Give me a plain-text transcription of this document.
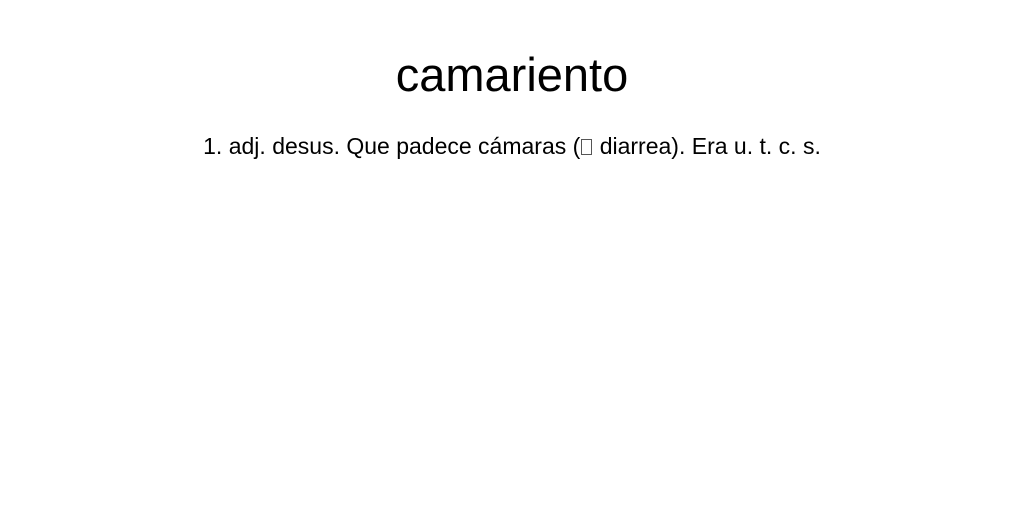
camariento

1. adj. desus. Que padece cámaras ( diarrea). Era u. t. c. s.
